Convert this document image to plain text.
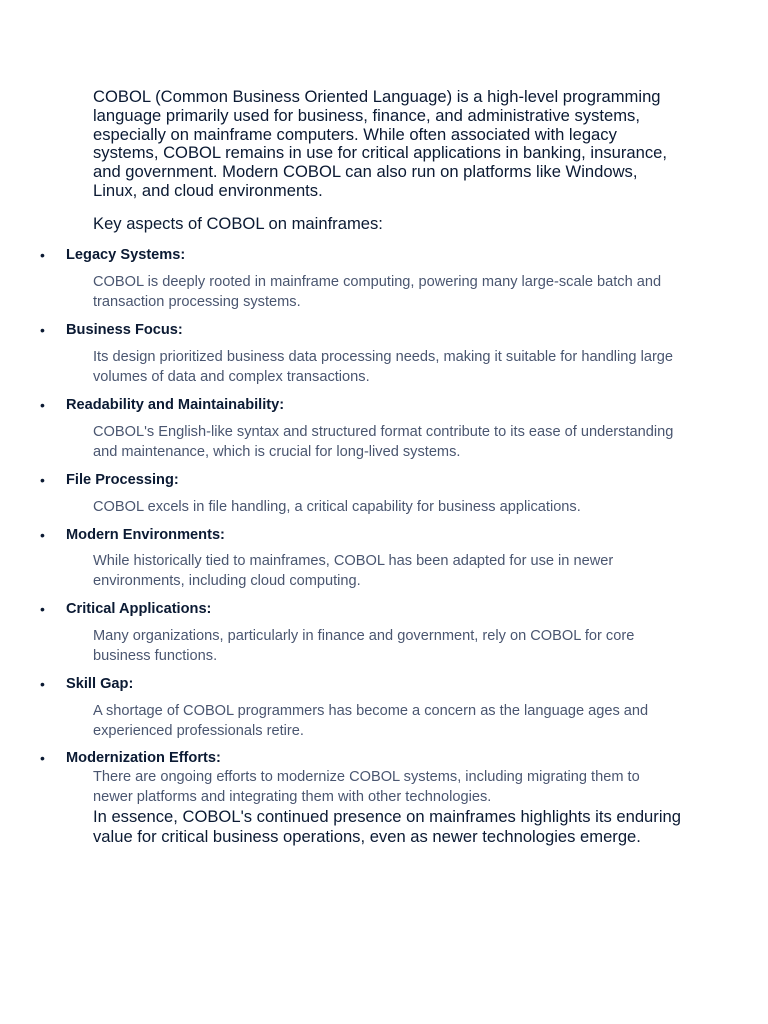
COBOL (Common Business Oriented Language) is a high-level programming language primarily used for business, finance, and administrative systems, especially on mainframe computers. While often associated with legacy systems, COBOL remains in use for critical applications in banking, insurance, and government. Modern COBOL can also run on platforms like Windows, Linux, and cloud environments.

Key aspects of COBOL on mainframes:

• Legacy Systems:

COBOL is deeply rooted in mainframe computing, powering many large-scale batch and transaction processing systems.

• Business Focus:

Its design prioritized business data processing needs, making it suitable for handling large volumes of data and complex transactions.

• Readability and Maintainability:

COBOL's English-like syntax and structured format contribute to its ease of understanding and maintenance, which is crucial for long-lived systems.

• File Processing:

COBOL excels in file handling, a critical capability for business applications.

• Modern Environments:

While historically tied to mainframes, COBOL has been adapted for use in newer environments, including cloud computing.

• Critical Applications:

Many organizations, particularly in finance and government, rely on COBOL for core business functions.

• Skill Gap:

A shortage of COBOL programmers has become a concern as the language ages and experienced professionals retire.

• Modernization Efforts:

There are ongoing efforts to modernize COBOL systems, including migrating them to newer platforms and integrating them with other technologies.

In essence, COBOL's continued presence on mainframes highlights its enduring value for critical business operations, even as newer technologies emerge.
